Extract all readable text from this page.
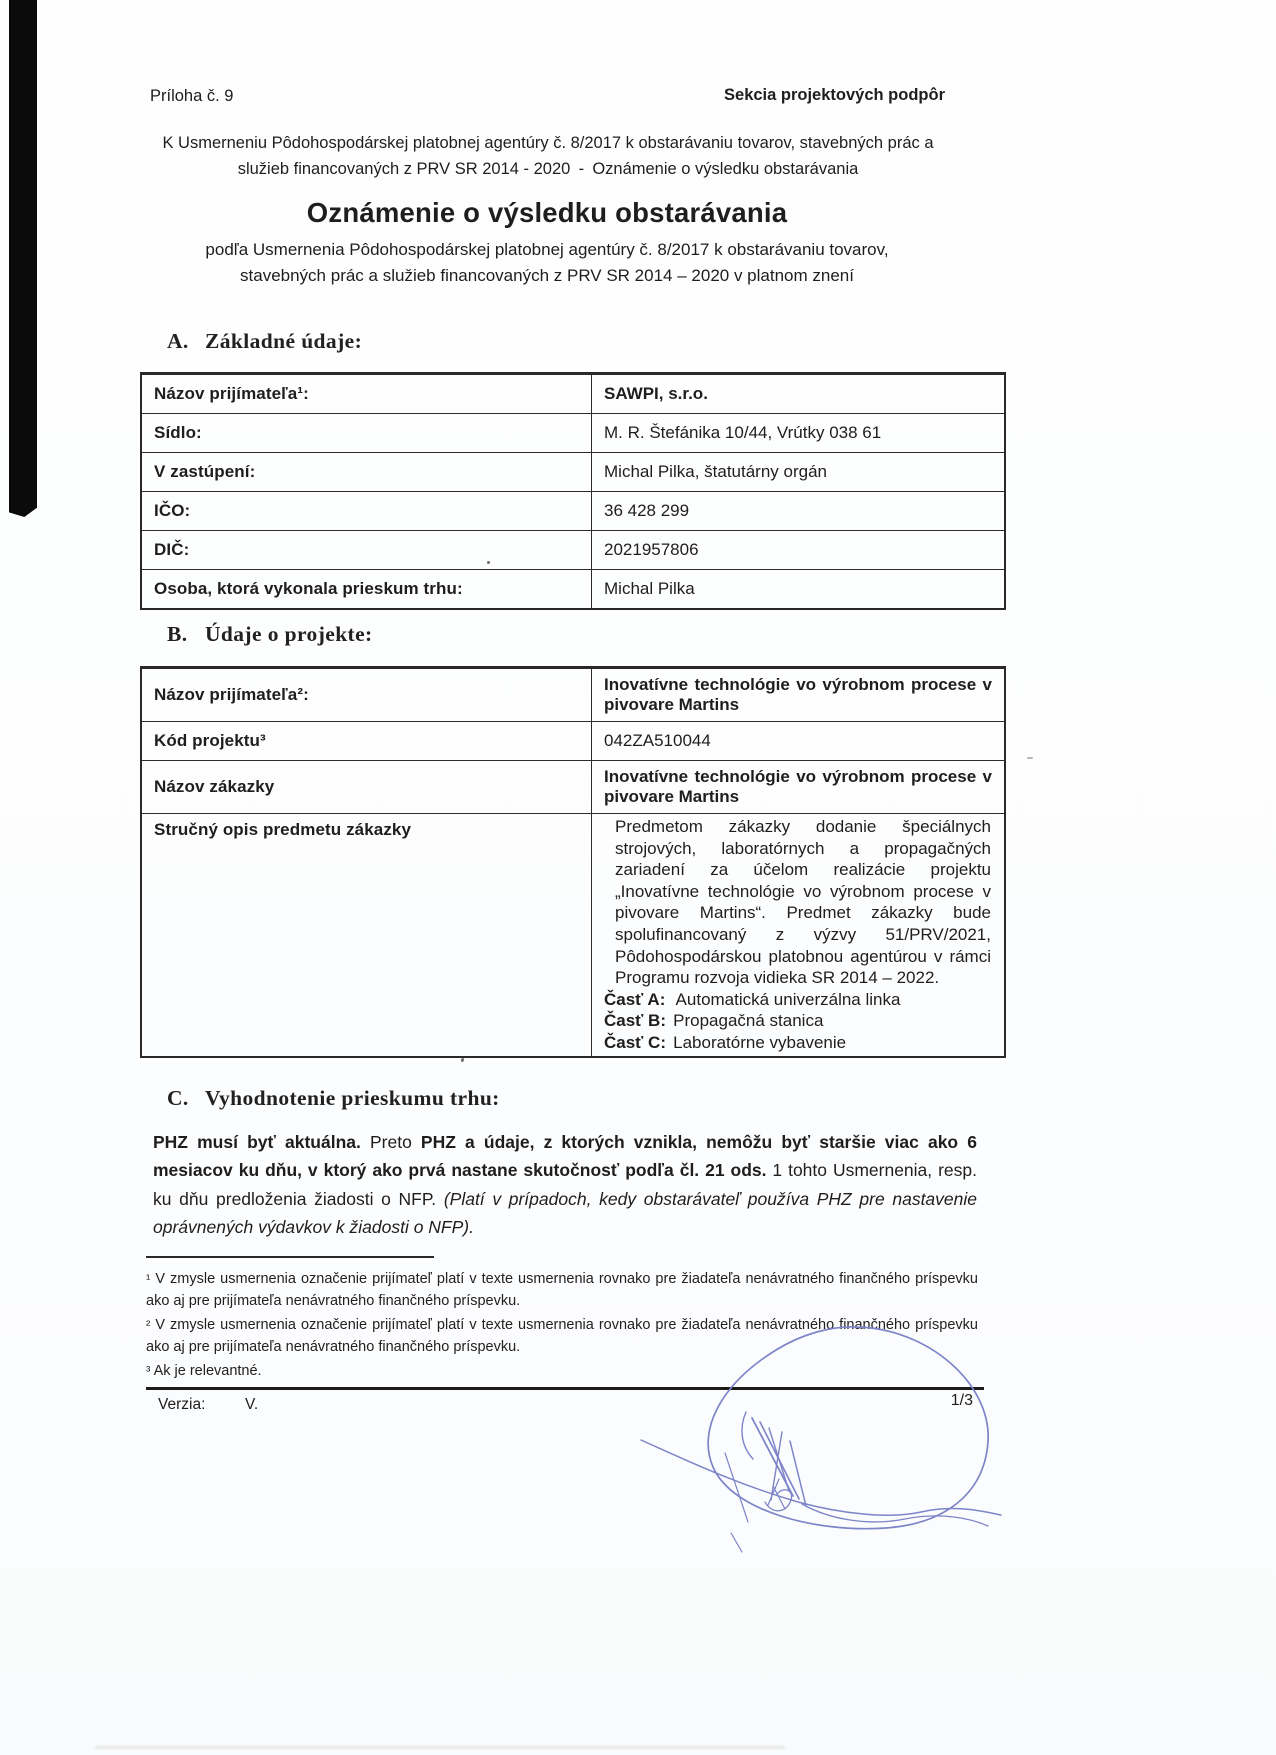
Príloha č. 9	Sekcia projektových podpôr
K Usmerneniu Pôdohospodárskej platobnej agentúry č. 8/2017 k obstarávaniu tovarov, stavebných prác a služieb financovaných z PRV SR 2014 - 2020 - Oznámenie o výsledku obstarávania
Oznámenie o výsledku obstarávania
podľa Usmernenia Pôdohospodárskej platobnej agentúry č. 8/2017 k obstarávaniu tovarov, stavebných prác a služieb financovaných z PRV SR 2014 – 2020 v platnom znení
A. Základné údaje:
Názov prijímateľa¹:	SAWPI, s.r.o.
Sídlo:	M. R. Štefánika 10/44, Vrútky 038 61
V zastúpení:	Michal Pilka, štatutárny orgán
IČO:	36 428 299
DIČ:	2021957806
Osoba, ktorá vykonala prieskum trhu:	Michal Pilka
B. Údaje o projekte:
Názov prijímateľa²:	Inovatívne technológie vo výrobnom procese v pivovare Martins
Kód projektu³	042ZA510044
Názov zákazky	Inovatívne technológie vo výrobnom procese v pivovare Martins
Stručný opis predmetu zákazky	Predmetom zákazky dodanie špeciálnych strojových, laboratórnych a propagačných zariadení za účelom realizácie projektu „Inovatívne technológie vo výrobnom procese v pivovare Martins“. Predmet zákazky bude spolufinancovaný z výzvy 51/PRV/2021, Pôdohospodárskou platobnou agentúrou v rámci Programu rozvoja vidieka SR 2014 – 2022.
Časť A: Automatická univerzálna linka
Časť B: Propagačná stanica
Časť C: Laboratórne vybavenie
C. Vyhodnotenie prieskumu trhu:
PHZ musí byť aktuálna. Preto PHZ a údaje, z ktorých vznikla, nemôžu byť staršie viac ako 6 mesiacov ku dňu, v ktorý ako prvá nastane skutočnosť podľa čl. 21 ods. 1 tohto Usmernenia, resp. ku dňu predloženia žiadosti o NFP. (Platí v prípadoch, kedy obstarávateľ používa PHZ pre nastavenie oprávnených výdavkov k žiadosti o NFP).

¹ V zmysle usmernenia označenie prijímateľ platí v texte usmernenia rovnako pre žiadateľa nenávratného finančného príspevku ako aj pre prijímateľa nenávratného finančného príspevku.

² V zmysle usmernenia označenie prijímateľ platí v texte usmernenia rovnako pre žiadateľa nenávratného finančného príspevku ako aj pre prijímateľa nenávratného finančného príspevku.

³ Ak je relevantné.

Verzia:	V.	1/3
